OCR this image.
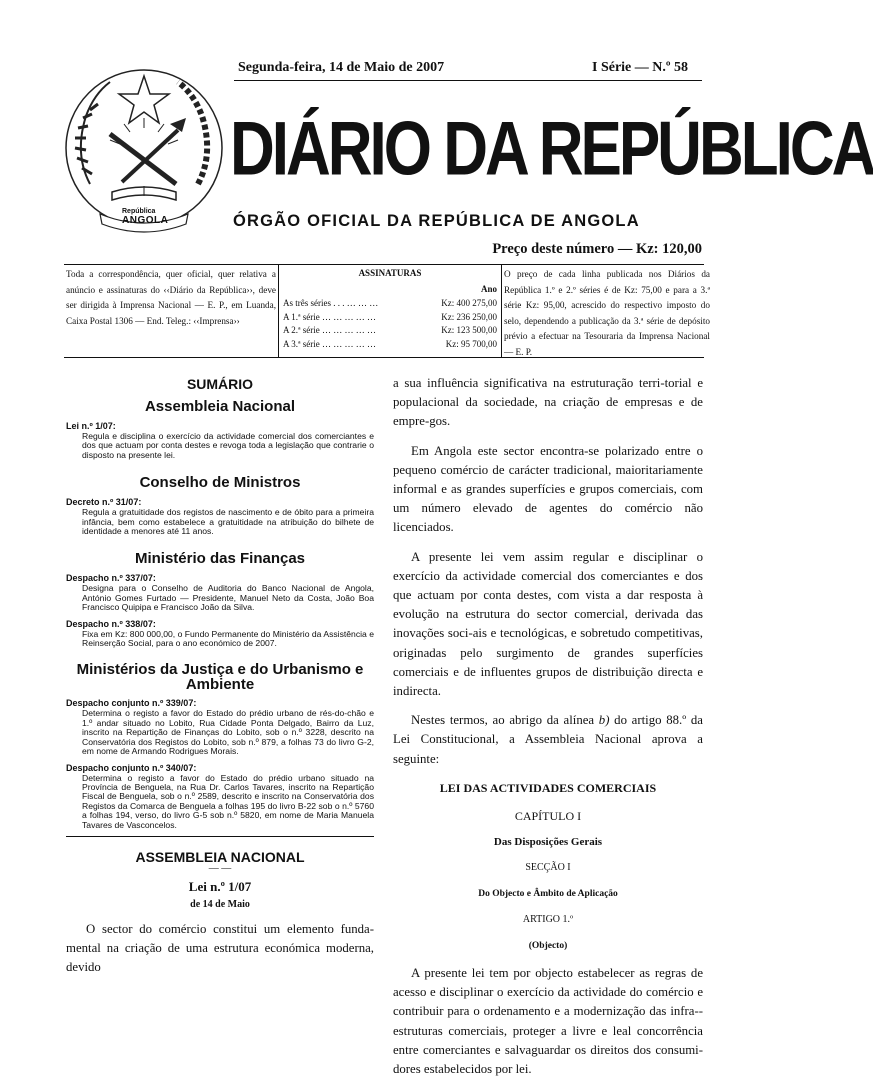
República
ANGOLA
Segunda-feira, 14 de Maio de 2007	I Série — N.º 58
DIÁRIO DA REPÚBLICA
ÓRGÃO OFICIAL DA REPÚBLICA DE ANGOLA
Preço deste número — Kz: 120,00
Toda a correspondência, quer oficial, quer relativa a anúncio e assinaturas do ‹‹Diário da República››, deve ser dirigida à Imprensa Nacional — E. P., em Luanda, Caixa Postal 1306 — End. Teleg.: ‹‹Imprensa››
ASSINATURAS
Ano
As três séries . . . … … …	Kz: 400 275,00
A 1.ª série … … … … …	Kz: 236 250,00
A 2.ª série … … … … …	Kz: 123 500,00
A 3.ª série … … … … …	Kz: 95 700,00
O preço de cada linha publicada nos Diários da República 1.º e 2.º séries é de Kz: 75,00 e para a 3.ª série Kz: 95,00, acrescido do respectivo imposto do selo, dependendo a publicação da 3.ª série de depósito prévio a efectuar na Tesouraria da Imprensa Nacional — E. P.
SUMÁRIO
Assembleia Nacional
Lei n.º 1/07:
Regula e disciplina o exercício da actividade comercial dos comerciantes e dos que actuam por conta destes e revoga toda a legislação que contrarie o disposto na presente lei.
Conselho de Ministros
Decreto n.º 31/07:
Regula a gratuitidade dos registos de nascimento e de óbito para a primeira infância, bem como estabelece a gratuitidade na atribuição do bilhete de identidade a menores até 11 anos.
Ministério das Finanças
Despacho n.º 337/07:
Designa para o Conselho de Auditoria do Banco Nacional de Angola, António Gomes Furtado — Presidente, Manuel Neto da Costa, João Boa Francisco Quipipa e Francisco João da Silva.
Despacho n.º 338/07:
Fixa em Kz: 800 000,00, o Fundo Permanente do Ministério da Assistência e Reinserção Social, para o ano económico de 2007.
Ministérios da Justiça e do Urbanismo e Ambiente
Despacho conjunto n.º 339/07:
Determina o registo a favor do Estado do prédio urbano de rés-do-chão e 1.º andar situado no Lobito, Rua Cidade Ponta Delgado, Bairro da Luz, inscrito na Repartição de Finanças do Lobito, sob o n.º 3228, descrito na Conservatória dos Registos do Lobito, sob n.º 879, a folhas 73 do livro G-2, em nome de Armando Rodrigues Morais.
Despacho conjunto n.º 340/07:
Determina o registo a favor do Estado do prédio urbano situado na Província de Benguela, na Rua Dr. Carlos Tavares, inscrito na Repartição Fiscal de Benguela, sob o n.º 2589, descrito e inscrito na Conservatória dos Registos da Comarca de Benguela a folhas 195 do livro B-22 sob o n.º 5760 a folhas 194, verso, do livro G-5 sob n.º 5820, em nome de Maria Manuela Tavares de Vasconcelos.
ASSEMBLEIA NACIONAL
— —
Lei n.º 1/07
de 14 de Maio
O sector do comércio constitui um elemento funda-mental na criação de uma estrutura económica moderna, devido

a sua influência significativa na estruturação terri-torial e populacional da sociedade, na criação de empresas e de empre-gos.

Em Angola este sector encontra-se polarizado entre o pequeno comércio de carácter tradicional, maioritariamente informal e as grandes superfícies e grupos comerciais, com um número elevado de agentes do comércio não licenciados.

A presente lei vem assim regular e disciplinar o exercício da actividade comercial dos comerciantes e dos que actuam por conta destes, com vista a dar resposta à evolução na estrutura do sector comercial, derivada das inovações soci-ais e tecnológicas, e sobretudo competitivas, originadas pelo surgimento de grandes superfícies comerciais e de influentes grupos de distribuição directa e indirecta.

Nestes termos, ao abrigo da alínea b) do artigo 88.º da Lei Constitucional, a Assembleia Nacional aprova a seguinte:

LEI DAS ACTIVIDADES COMERCIAIS

CAPÍTULO I

Das Disposições Gerais

SECÇÃO I

Do Objecto e Âmbito de Aplicação

ARTIGO 1.º

(Objecto)

A presente lei tem por objecto estabelecer as regras de acesso e disciplinar o exercício da actividade do comércio e contribuir para o ordenamento e a modernização das infra--estruturas comerciais, proteger a livre e leal concorrência entre comerciantes e salvaguardar os direitos dos consumi-dores estabelecidos por lei.
